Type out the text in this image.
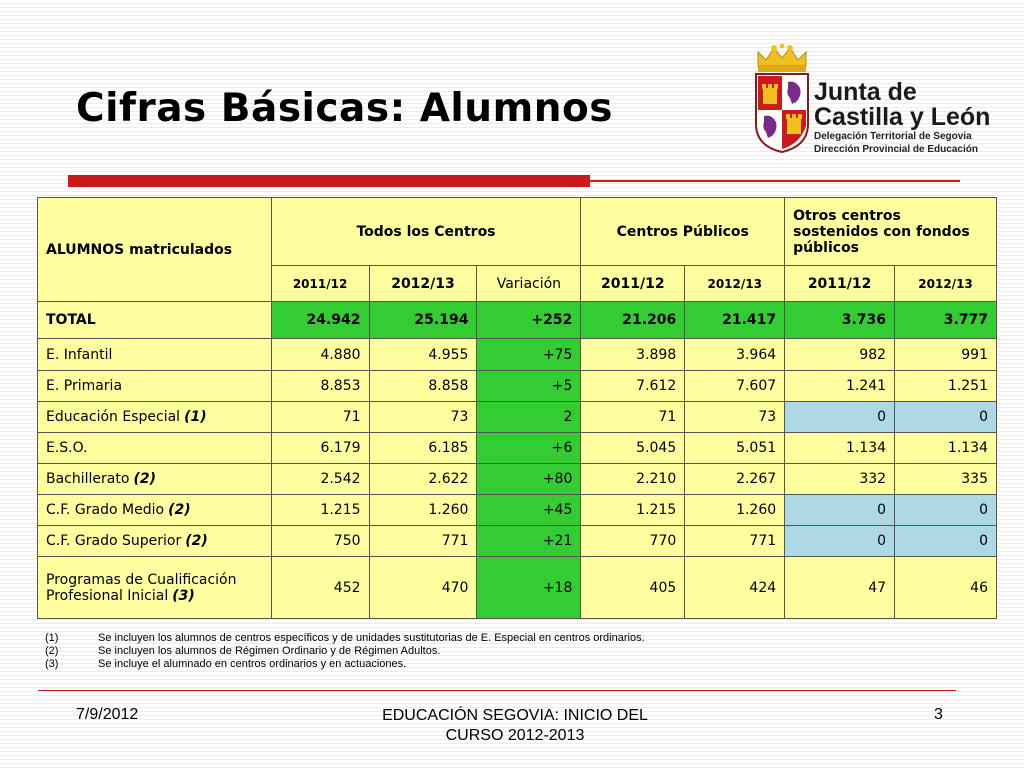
Cifras Básicas: Alumnos	Junta de
Castilla y León
Delegación Territorial de Segovia
Dirección Provincial de Educación
ALUMNOS matriculados	Todos los Centros			Centros Públicos		Otros centros sostenidos con fondos públicos	
	2011/12	2012/13	Variación	2011/12	2012/13	2011/12	2012/13
TOTAL	24.942	25.194	+252	21.206	21.417	3.736	3.777
E. Infantil	4.880	4.955	+75	3.898	3.964	982	991
E. Primaria	8.853	8.858	+5	7.612	7.607	1.241	1.251
Educación Especial (1)	71	73	2	71	73	0	0
E.S.O.	6.179	6.185	+6	5.045	5.051	1.134	1.134
Bachillerato (2)	2.542	2.622	+80	2.210	2.267	332	335
C.F. Grado Medio (2)	1.215	1.260	+45	1.215	1.260	0	0
C.F. Grado Superior (2)	750	771	+21	770	771	0	0
Programas de Cualificación Profesional Inicial (3)	452	470	+18	405	424	47	46
(1)	Se incluyen los alumnos de centros específicos y de unidades sustitutorias de E. Especial en centros ordinarios.
(2)	Se incluyen los alumnos de Régimen Ordinario y de Régimen Adultos.
(3)	Se incluye el alumnado en centros ordinarios y en actuaciones.
7/9/2012	EDUCACIÓN SEGOVIA: INICIO DEL CURSO 2012-2013
3
